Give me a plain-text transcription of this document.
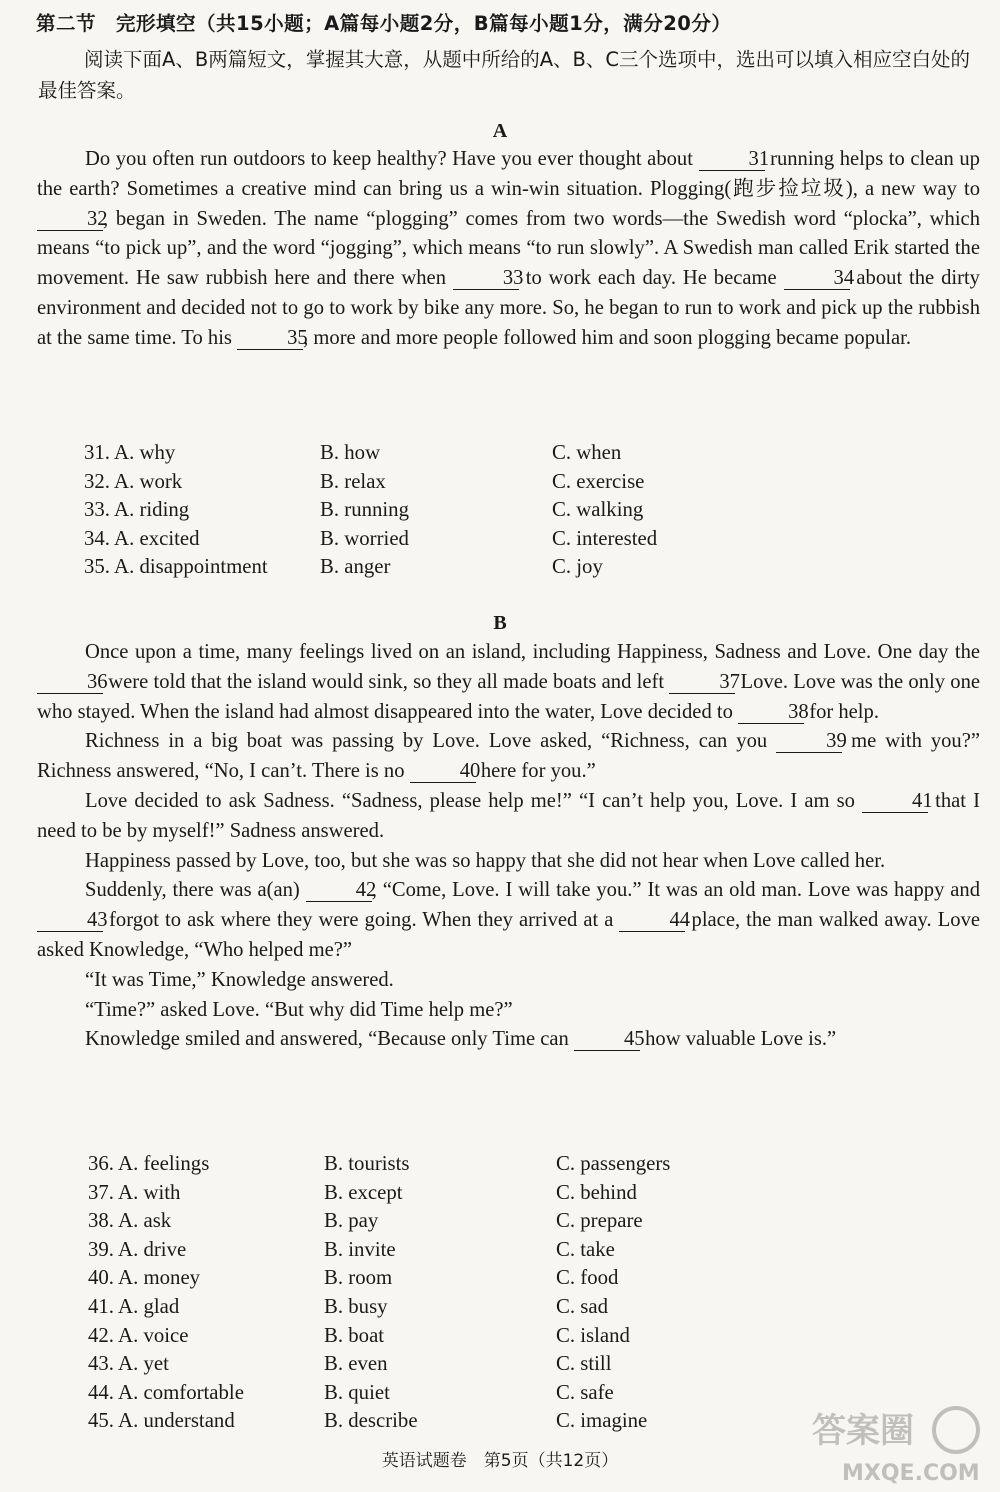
第二节　完形填空（共15小题；A篇每小题2分，B篇每小题1分，满分20分）
阅读下面A、B两篇短文，掌握其大意，从题中所给的A、B、C三个选项中，选出可以填入相应空白处的最佳答案。
A

Do you often run outdoors to keep healthy? Have you ever thought about 31 running helps to clean up the earth? Sometimes a creative mind can bring us a win-win situation. Plogging(跑步捡垃圾), a new way to 32, began in Sweden. The name “plogging” comes from two words—the Swedish word “plocka”, which means “to pick up”, and the word “jogging”, which means “to run slowly”. A Swedish man called Erik started the movement. He saw rubbish here and there when 33 to work each day. He became 34 about the dirty environment and decided not to go to work by bike any more. So, he began to run to work and pick up the rubbish at the same time. To his 35, more and more people followed him and soon plogging became popular.

31. A. why	B. how	C. when
32. A. work	B. relax	C. exercise
33. A. riding	B. running	C. walking
34. A. excited	B. worried	C. interested
35. A. disappointment	B. anger	C. joy
B

Once upon a time, many feelings lived on an island, including Happiness, Sadness and Love. One day the 36 were told that the island would sink, so they all made boats and left 37 Love. Love was the only one who stayed. When the island had almost disappeared into the water, Love decided to 38 for help.

Richness in a big boat was passing by Love. Love asked, “Richness, can you 39 me with you?” Richness answered, “No, I can’t. There is no 40 here for you.”

Love decided to ask Sadness. “Sadness, please help me!” “I can’t help you, Love. I am so 41 that I need to be by myself!” Sadness answered.

Happiness passed by Love, too, but she was so happy that she did not hear when Love called her.

Suddenly, there was a(an) 42, “Come, Love. I will take you.” It was an old man. Love was happy and 43 forgot to ask where they were going. When they arrived at a 44 place, the man walked away. Love asked Knowledge, “Who helped me?”

“It was Time,” Knowledge answered.

“Time?” asked Love. “But why did Time help me?”

Knowledge smiled and answered, “Because only Time can 45 how valuable Love is.”

36. A. feelings	B. tourists	C. passengers
37. A. with	B. except	C. behind
38. A. ask	B. pay	C. prepare
39. A. drive	B. invite	C. take
40. A. money	B. room	C. food
41. A. glad	B. busy	C. sad
42. A. voice	B. boat	C. island
43. A. yet	B. even	C. still
44. A. comfortable	B. quiet	C. safe
45. A. understand	B. describe	C. imagine
英语试题卷　第5页（共12页）
答案圈
MXQE.COM
